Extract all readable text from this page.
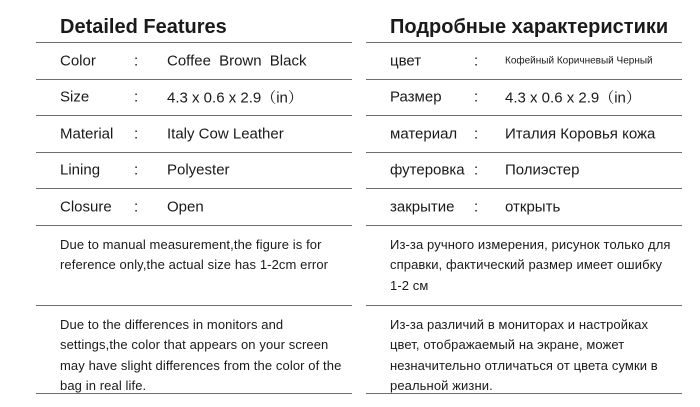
Detailed Features
Color	: Coffee Brown Black
Size	: 4.3 x 0.6 x 2.9（in）
Material : Italy Cow Leather
Lining : Polyester
Closure : Open
Due to manual measurement,the figure is for reference only,the actual size has 1-2cm error
Due to the differences in monitors and settings,the color that appears on your screen may have slight differences from the color of the bag in real life.
Подробные характеристики
цвет	:	Кофейный Коричневый Черный
Размер : 4.3 x 0.6 x 2.9（in）
материал : Италия Коровья кожа
футеровка : Полиэстер
закрытие : открыть
Из-за ручного измерения, рисунок только для справки, фактический размер имеет ошибку 1-2 см
Из-за различий в мониторах и настройках цвет, отображаемый на экране, может незначительно отличаться от цвета сумки в реальной жизни.
